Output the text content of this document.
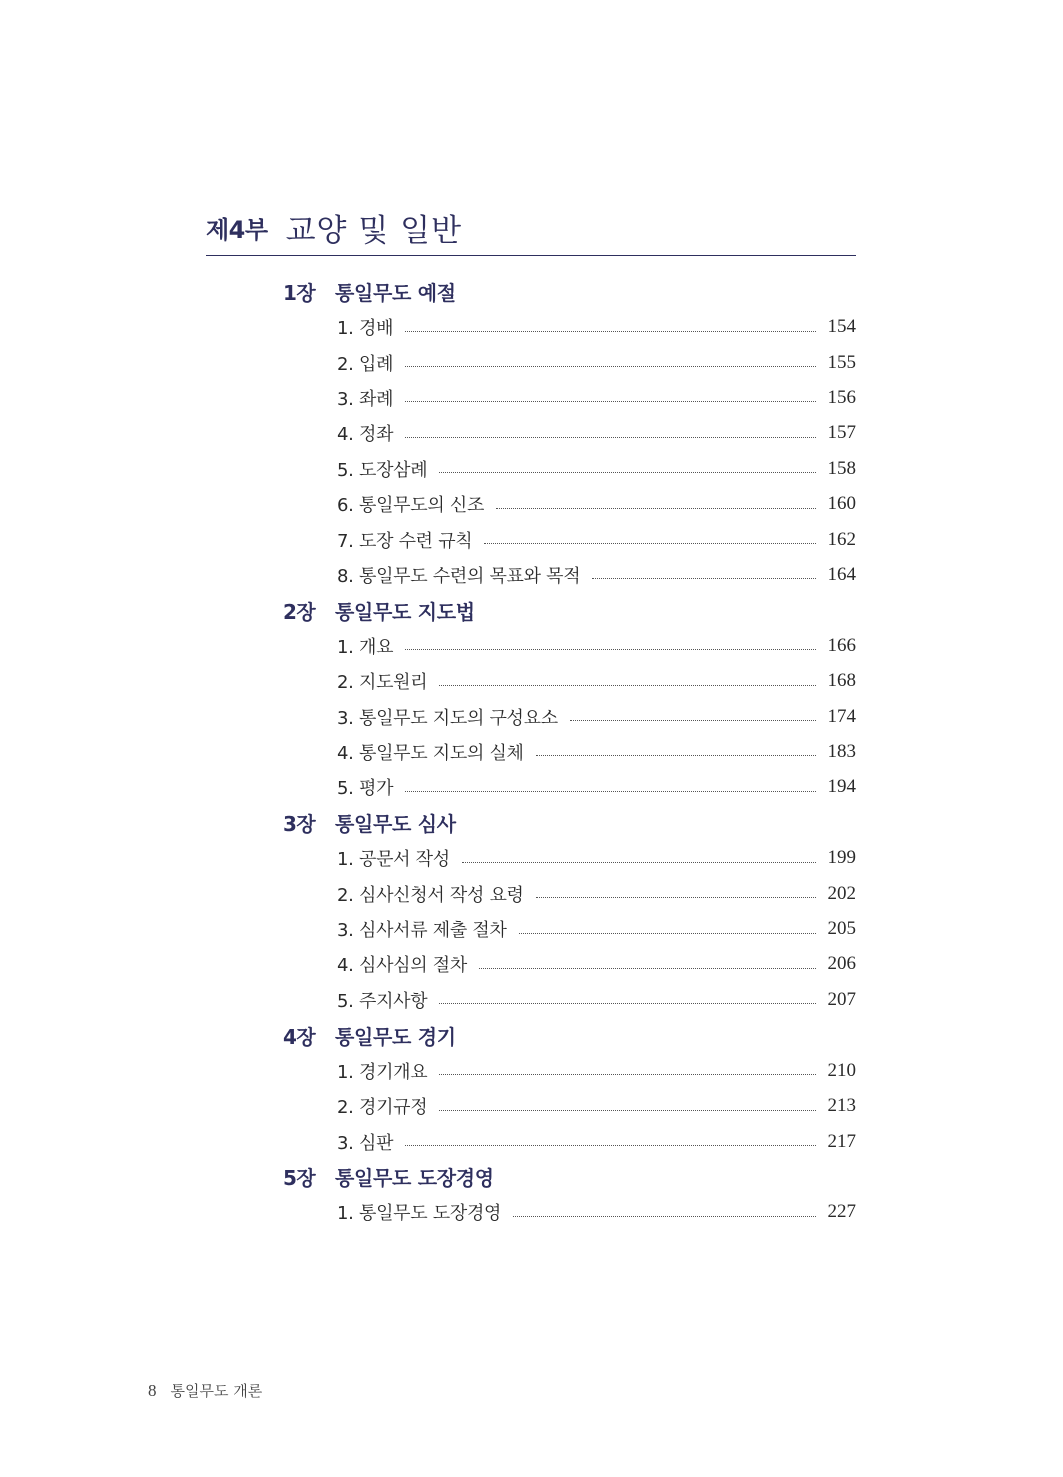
제4부 교양 및 일반
1장 통일무도 예절
1. 경배	154
2. 입례	155
3. 좌례	156
4. 정좌	157
5. 도장삼례	158
6. 통일무도의 신조	160
7. 도장 수련 규칙	162
8. 통일무도 수련의 목표와 목적	164
2장 통일무도 지도법
1. 개요	166
2. 지도원리	168
3. 통일무도 지도의 구성요소	174
4. 통일무도 지도의 실체	183
5. 평가	194
3장 통일무도 심사
1. 공문서 작성	199
2. 심사신청서 작성 요령	202
3. 심사서류 제출 절차	205
4. 심사심의 절차	206
5. 주지사항	207
4장 통일무도 경기
1. 경기개요	210
2. 경기규정	213
3. 심판	217
5장 통일무도 도장경영
1. 통일무도 도장경영	227
8 통일무도 개론
